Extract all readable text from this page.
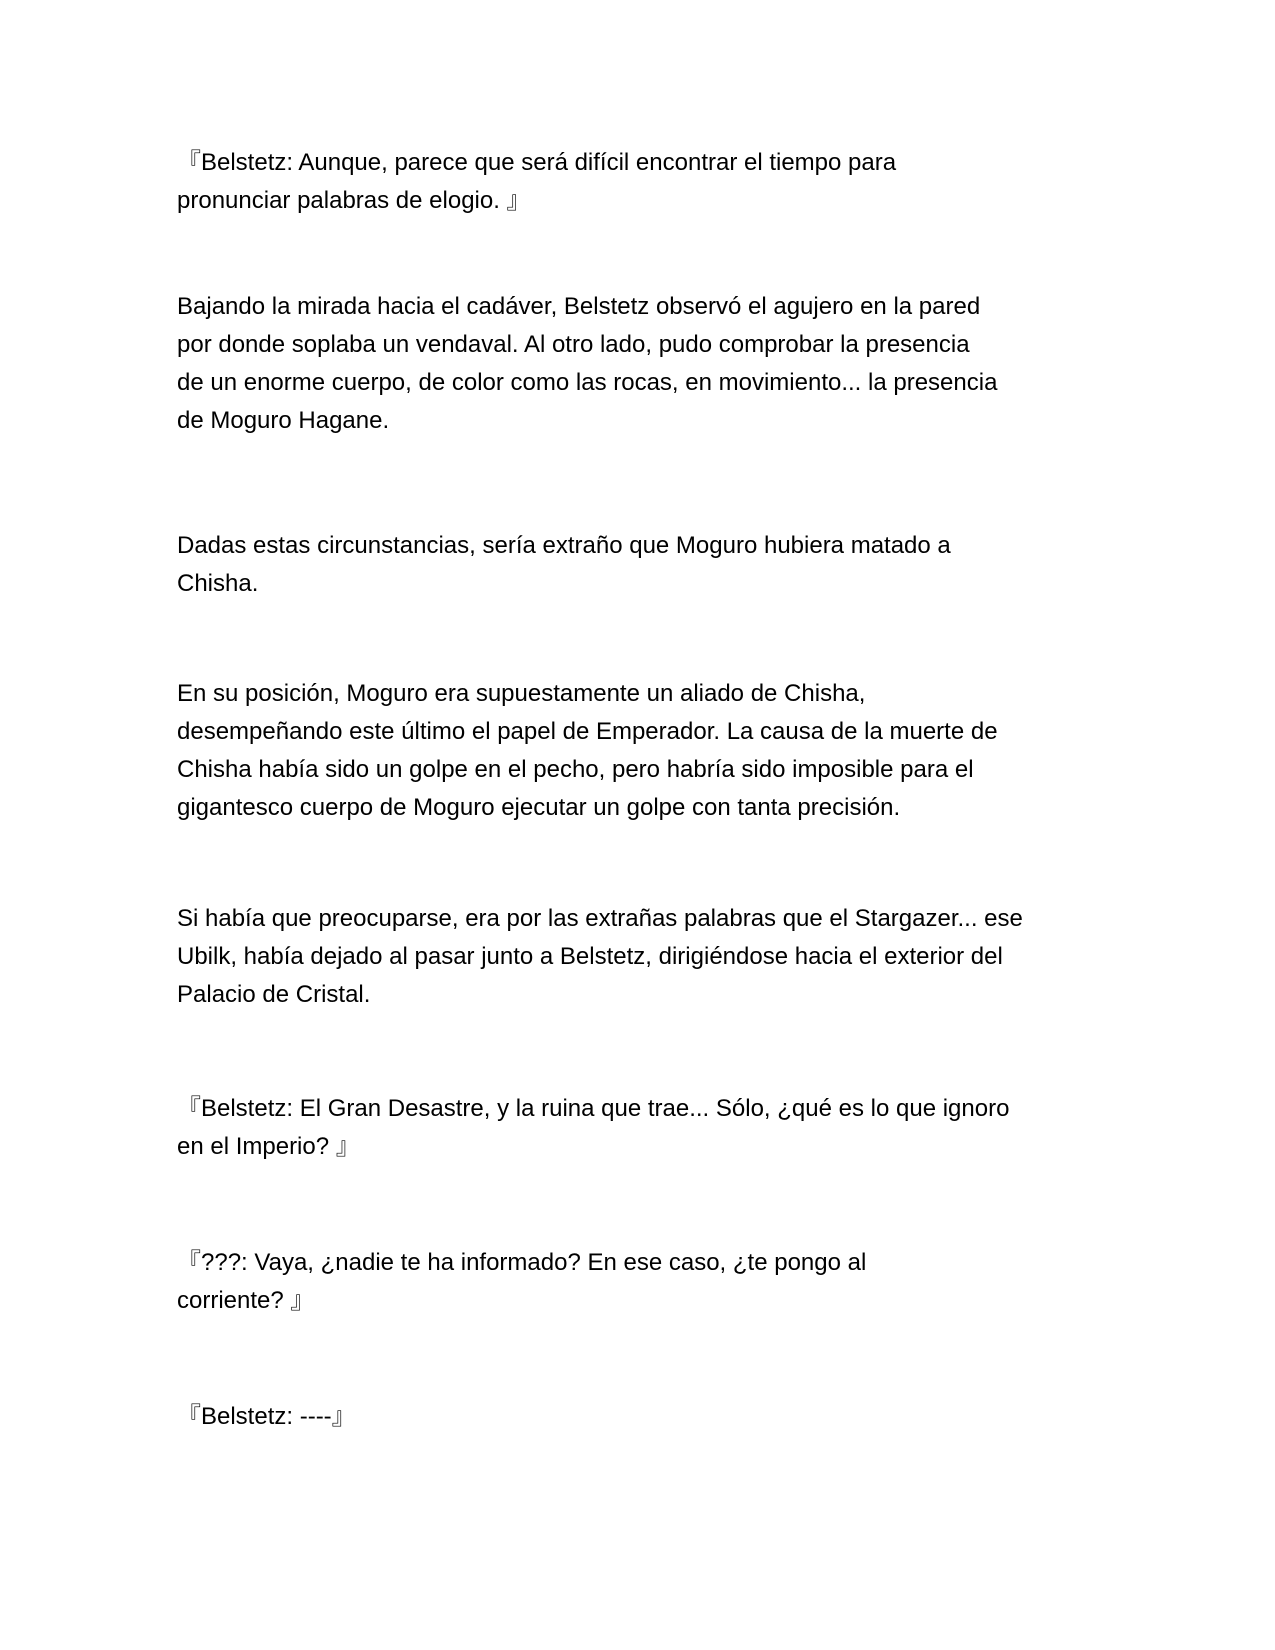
『Belstetz: Aunque, parece que será difícil encontrar el tiempo para
pronunciar palabras de elogio. 』

Bajando la mirada hacia el cadáver, Belstetz observó el agujero en la pared
por donde soplaba un vendaval. Al otro lado, pudo comprobar la presencia
de un enorme cuerpo, de color como las rocas, en movimiento... la presencia
de Moguro Hagane.

Dadas estas circunstancias, sería extraño que Moguro hubiera matado a
Chisha.

En su posición, Moguro era supuestamente un aliado de Chisha,
desempeñando este último el papel de Emperador. La causa de la muerte de
Chisha había sido un golpe en el pecho, pero habría sido imposible para el
gigantesco cuerpo de Moguro ejecutar un golpe con tanta precisión.

Si había que preocuparse, era por las extrañas palabras que el Stargazer... ese
Ubilk, había dejado al pasar junto a Belstetz, dirigiéndose hacia el exterior del
Palacio de Cristal.

『Belstetz: El Gran Desastre, y la ruina que trae... Sólo, ¿qué es lo que ignoro
en el Imperio? 』

『???: Vaya, ¿nadie te ha informado? En ese caso, ¿te pongo al
corriente? 』

『Belstetz: ----』
